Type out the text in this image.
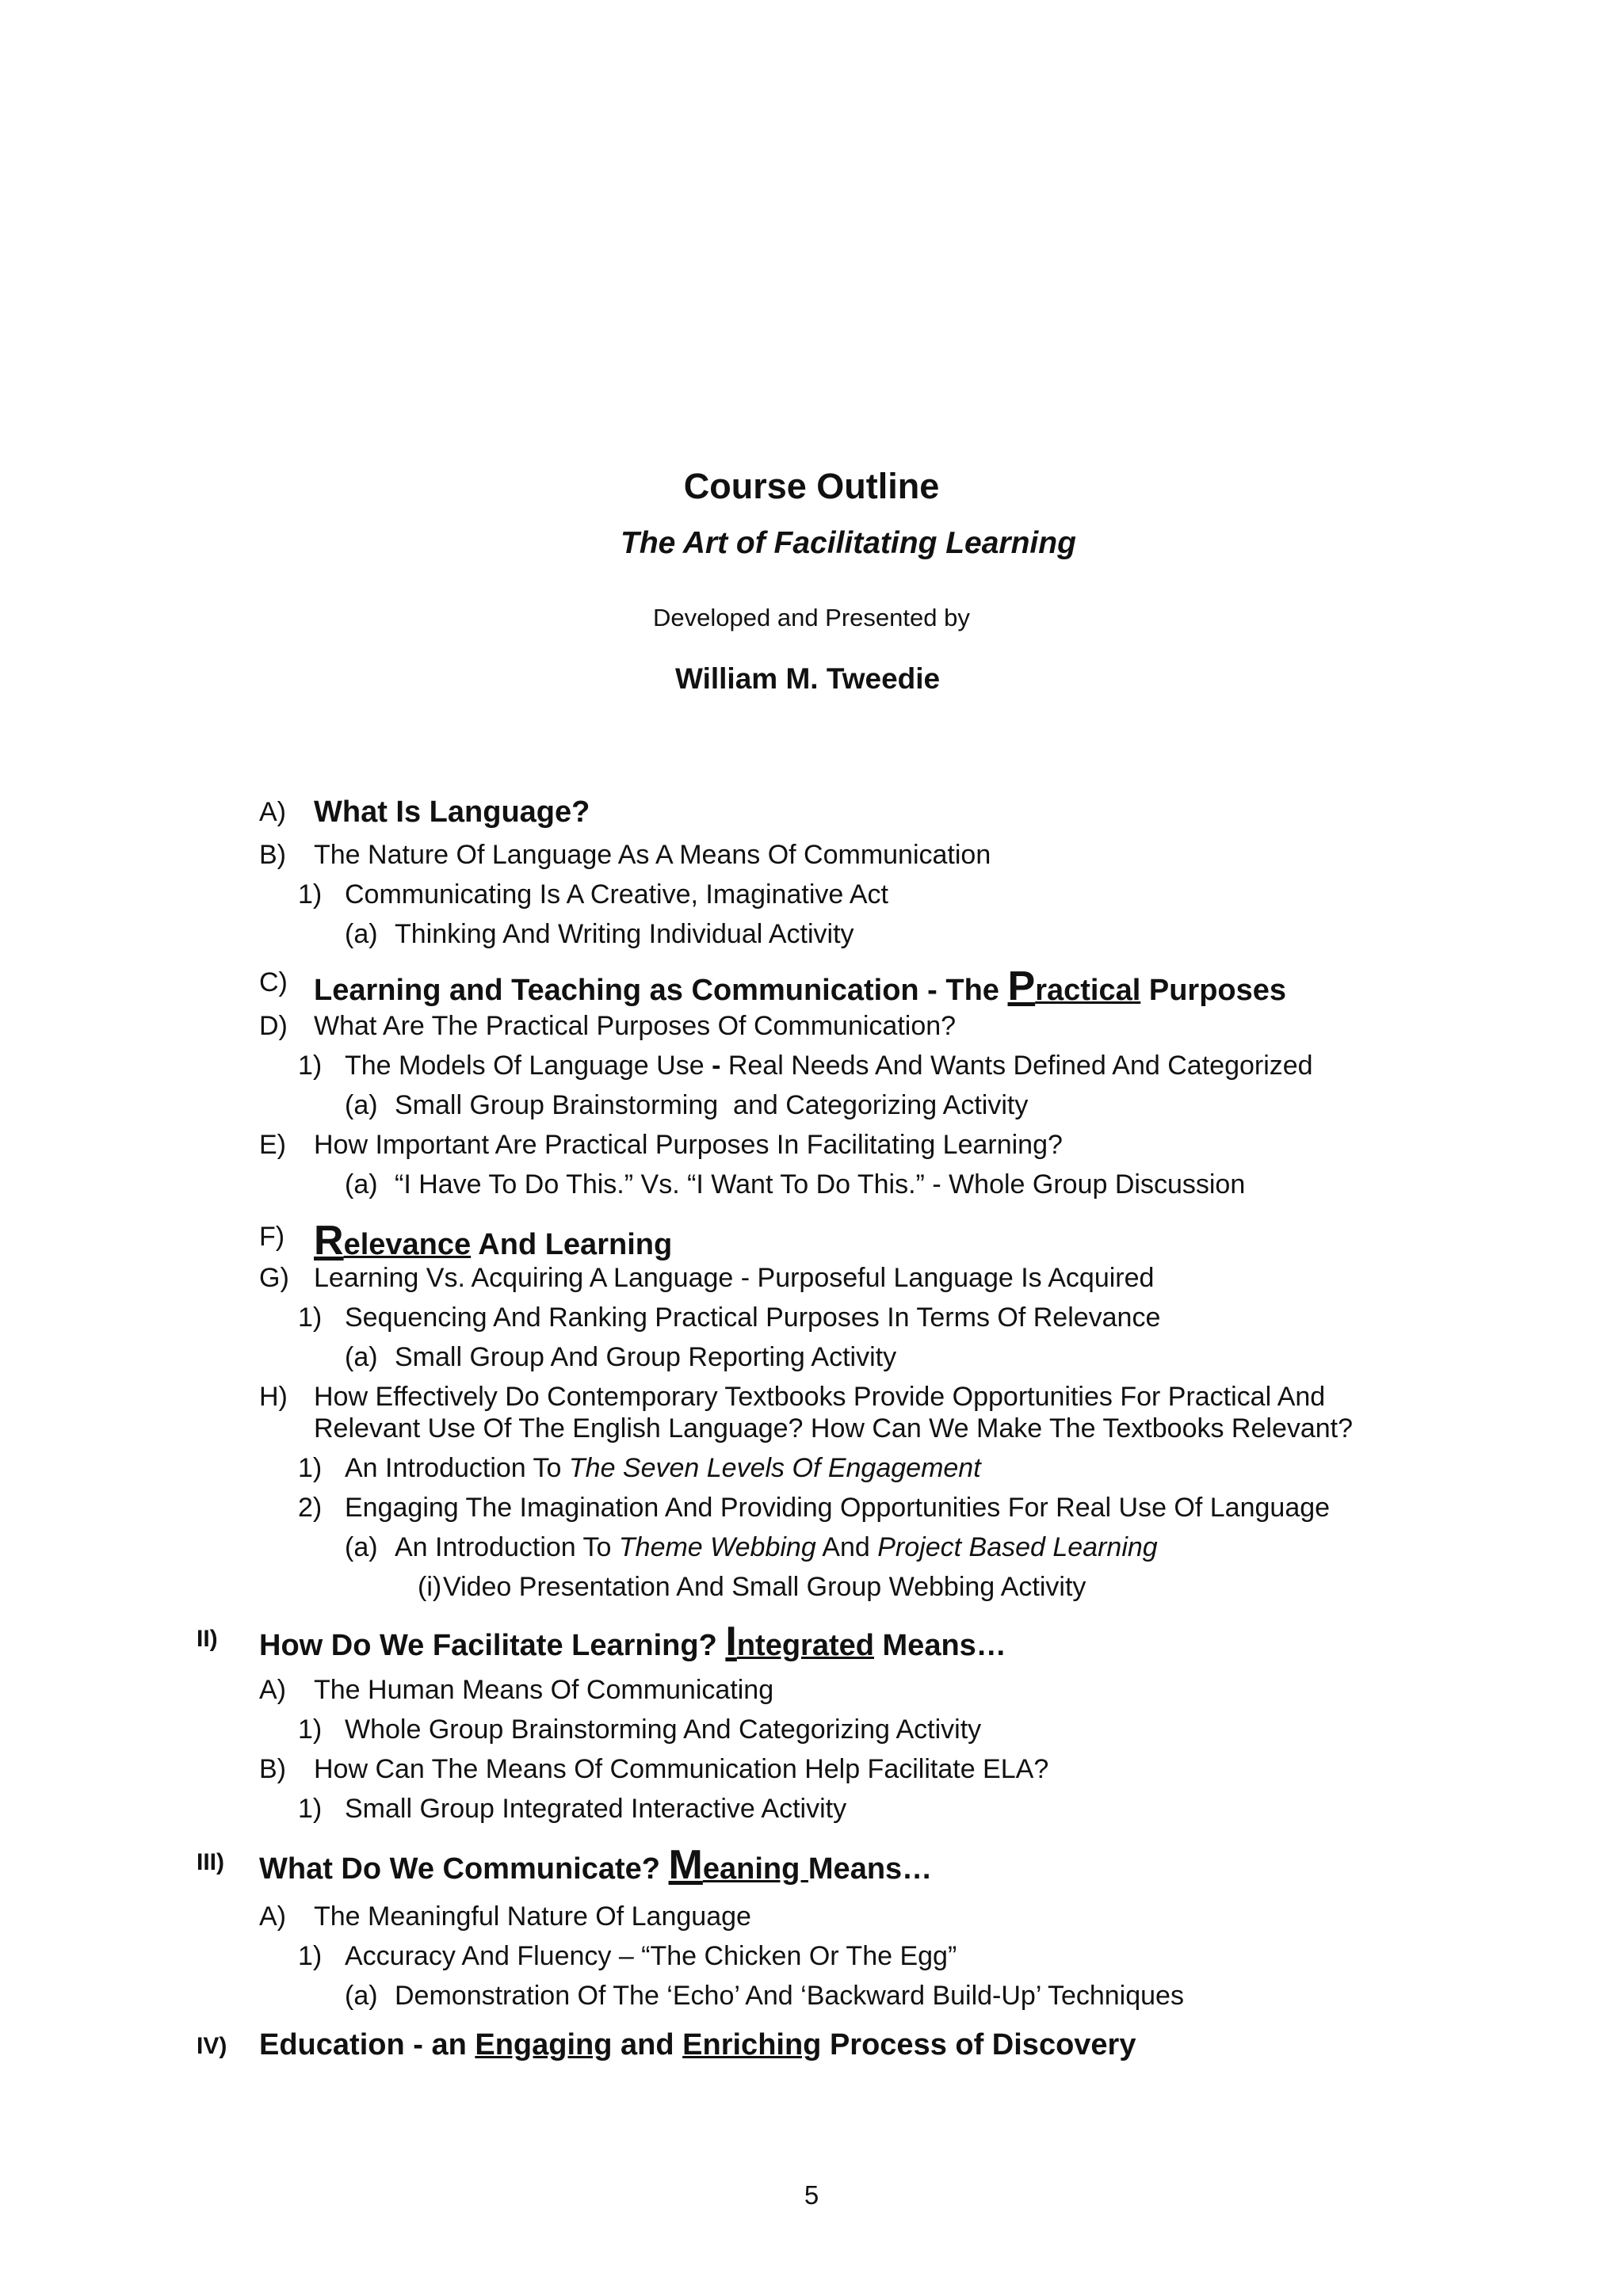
Course Outline
The Art of Facilitating Learning
Developed and Presented by
William M. Tweedie
A) What Is Language?
B) The Nature Of Language As A Means Of Communication
1) Communicating Is A Creative, Imaginative Act
(a) Thinking And Writing Individual Activity
C) Learning and Teaching as Communication - The Practical Purposes
D) What Are The Practical Purposes Of Communication?
1) The Models Of Language Use - Real Needs And Wants Defined And Categorized
(a) Small Group Brainstorming  and Categorizing Activity
E) How Important Are Practical Purposes In Facilitating Learning?
(a) “I Have To Do This.” Vs. “I Want To Do This.” - Whole Group Discussion
F) Relevance And Learning
G) Learning Vs. Acquiring A Language - Purposeful Language Is Acquired
1) Sequencing And Ranking Practical Purposes In Terms Of Relevance
(a) Small Group And Group Reporting Activity
H) How Effectively Do Contemporary Textbooks Provide Opportunities For Practical And
Relevant Use Of The English Language? How Can We Make The Textbooks Relevant?
1) An Introduction To The Seven Levels Of Engagement
2) Engaging The Imagination And Providing Opportunities For Real Use Of Language
(a) An Introduction To Theme Webbing And Project Based Learning
(i) Video Presentation And Small Group Webbing Activity
II) How Do We Facilitate Learning? Integrated Means…
A) The Human Means Of Communicating
1) Whole Group Brainstorming And Categorizing Activity
B) How Can The Means Of Communication Help Facilitate ELA?
1) Small Group Integrated Interactive Activity
III) What Do We Communicate? Meaning Means…
A) The Meaningful Nature Of Language
1) Accuracy And Fluency – “The Chicken Or The Egg”
(a) Demonstration Of The ‘Echo’ And ‘Backward Build-Up’ Techniques
IV) Education - an Engaging and Enriching Process of Discovery
5
